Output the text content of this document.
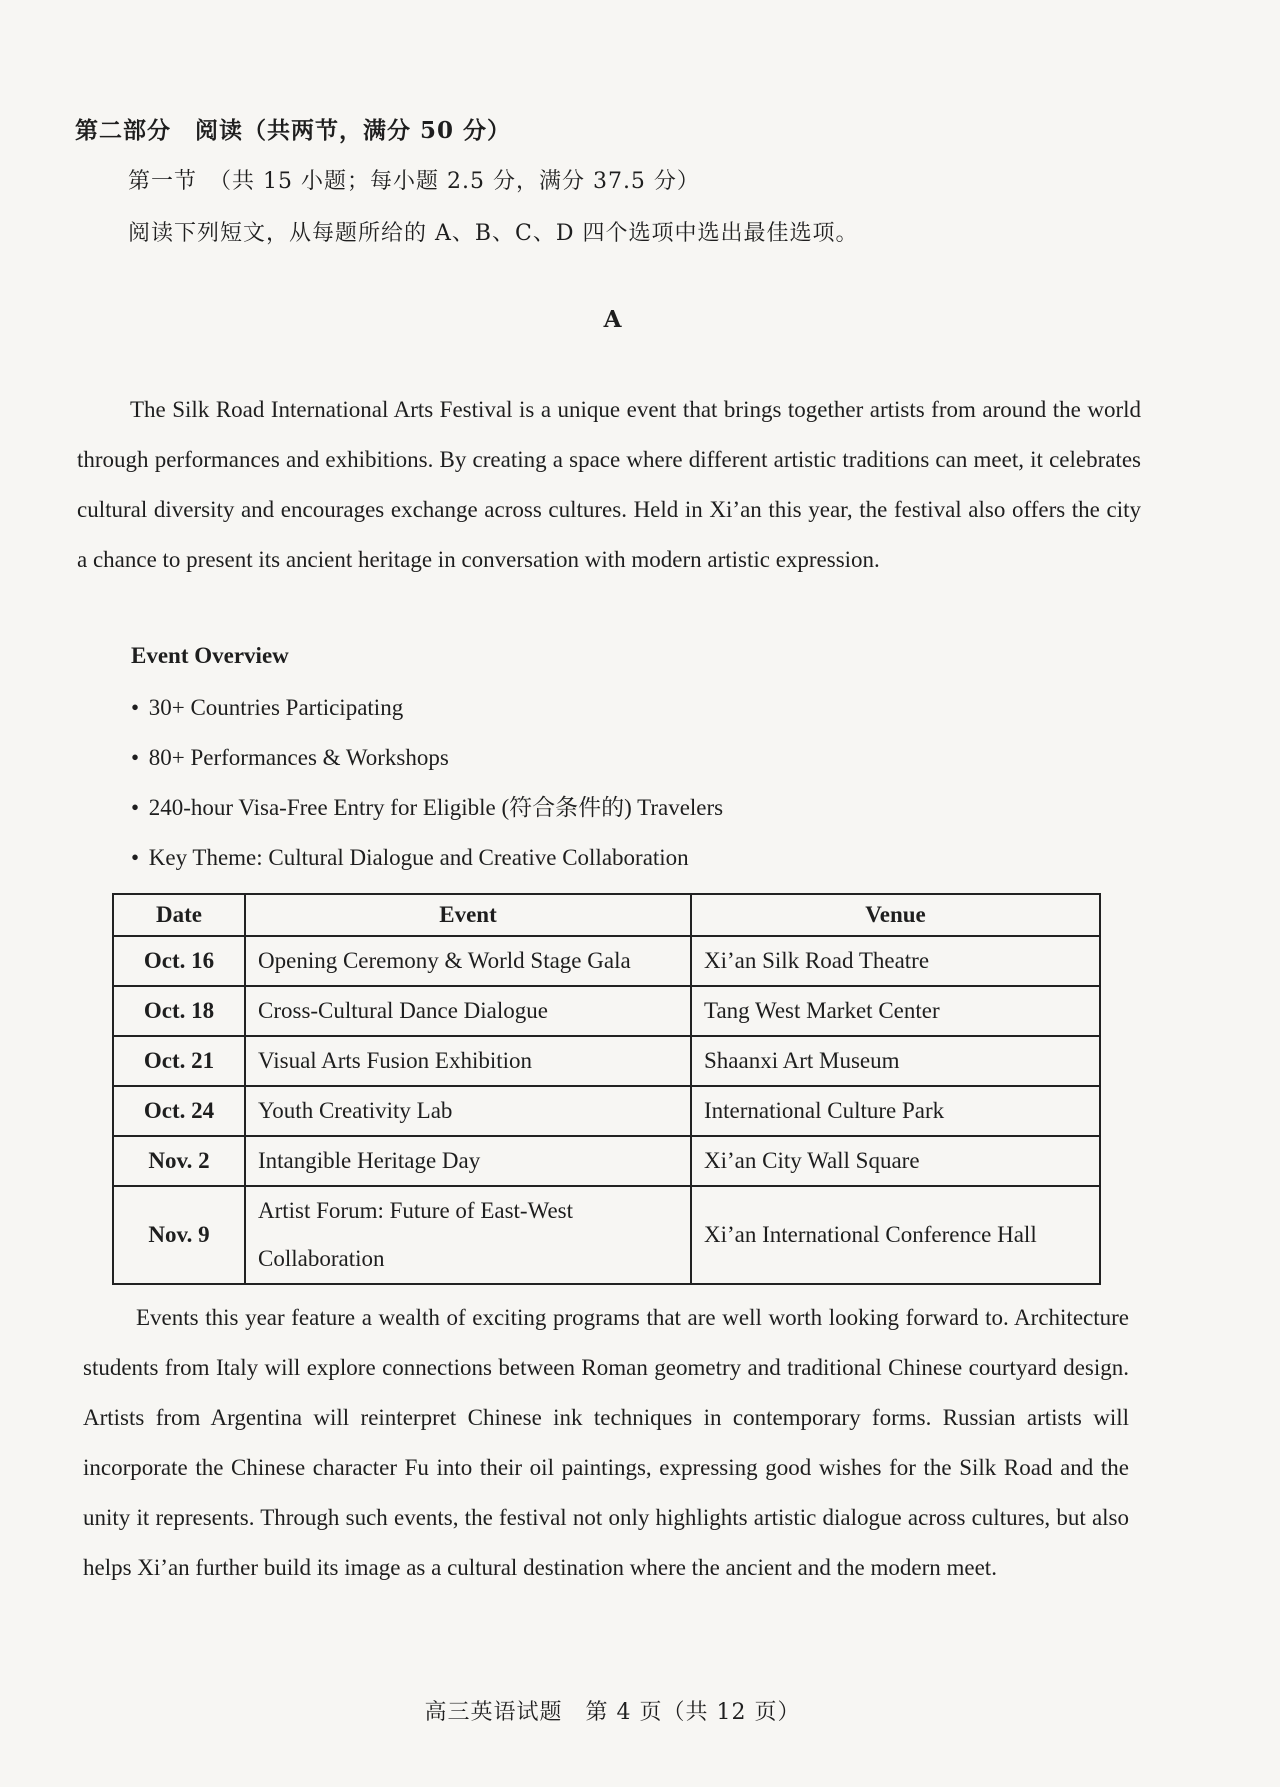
第二部分　阅读（共两节，满分 50 分）
第一节　（共 15 小题；每小题 2.5 分，满分 37.5 分）
阅读下列短文，从每题所给的 A、B、C、D 四个选项中选出最佳选项。
A
The Silk Road International Arts Festival is a unique event that brings together artists from around the world through performances and exhibitions. By creating a space where different artistic traditions can meet, it celebrates cultural diversity and encourages exchange across cultures. Held in Xi’an this year, the festival also offers the city a chance to present its ancient heritage in conversation with modern artistic expression.
Event Overview
• 30+ Countries Participating
• 80+ Performances & Workshops
• 240-hour Visa-Free Entry for Eligible (符合条件的) Travelers
• Key Theme: Cultural Dialogue and Creative Collaboration
Date	Event	Venue
Oct. 16	Opening Ceremony & World Stage Gala	Xi’an Silk Road Theatre
Oct. 18	Cross-Cultural Dance Dialogue	Tang West Market Center
Oct. 21	Visual Arts Fusion Exhibition	Shaanxi Art Museum
Oct. 24	Youth Creativity Lab	International Culture Park
Nov. 2	Intangible Heritage Day	Xi’an City Wall Square
Nov. 9	Artist Forum: Future of East-West Collaboration	Xi’an International Conference Hall
Events this year feature a wealth of exciting programs that are well worth looking forward to. Architecture students from Italy will explore connections between Roman geometry and traditional Chinese courtyard design. Artists from Argentina will reinterpret Chinese ink techniques in contemporary forms. Russian artists will incorporate the Chinese character Fu into their oil paintings, expressing good wishes for the Silk Road and the unity it represents. Through such events, the festival not only highlights artistic dialogue across cultures, but also helps Xi’an further build its image as a cultural destination where the ancient and the modern meet.
高三英语试题　第 4 页（共 12 页）
